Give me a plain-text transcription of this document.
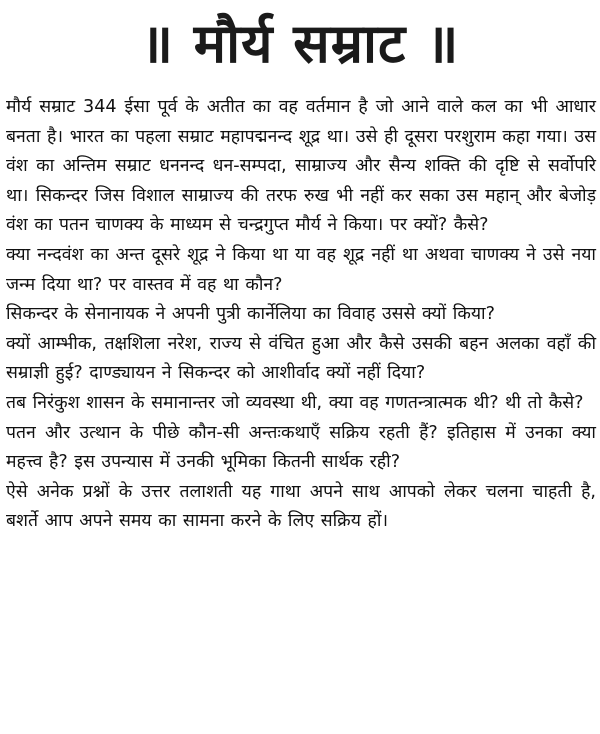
॥ मौर्य सम्राट ॥

मौर्य सम्राट 344 ईसा पूर्व के अतीत का वह वर्तमान है जो आने वाले कल का भी आधार बनता है। भारत का पहला सम्राट महापद्मनन्द शूद्र था। उसे ही दूसरा परशुराम कहा गया। उस वंश का अन्तिम सम्राट धननन्द धन-सम्पदा, साम्राज्य और सैन्य शक्ति की दृष्टि से सर्वोपरि था। सिकन्दर जिस विशाल साम्राज्य की तरफ रुख भी नहीं कर सका उस महान् और बेजोड़ वंश का पतन चाणक्य के माध्यम से चन्द्रगुप्त मौर्य ने किया। पर क्यों? कैसे?

क्या नन्दवंश का अन्त दूसरे शूद्र ने किया था या वह शूद्र नहीं था अथवा चाणक्य ने उसे नया जन्म दिया था? पर वास्तव में वह था कौन?

सिकन्दर के सेनानायक ने अपनी पुत्री कार्नेलिया का विवाह उससे क्यों किया?

क्यों आम्भीक, तक्षशिला नरेश, राज्य से वंचित हुआ और कैसे उसकी बहन अलका वहाँ की सम्राज्ञी हुई? दाण्ड्यायन ने सिकन्दर को आशीर्वाद क्यों नहीं दिया?

तब निरंकुश शासन के समानान्तर जो व्यवस्था थी, क्या वह गणतन्त्रात्मक थी? थी तो कैसे?

पतन और उत्थान के पीछे कौन-सी अन्तःकथाएँ सक्रिय रहती हैं? इतिहास में उनका क्या महत्त्व है? इस उपन्यास में उनकी भूमिका कितनी सार्थक रही?

ऐसे अनेक प्रश्नों के उत्तर तलाशती यह गाथा अपने साथ आपको लेकर चलना चाहती है, बशर्ते आप अपने समय का सामना करने के लिए सक्रिय हों।
